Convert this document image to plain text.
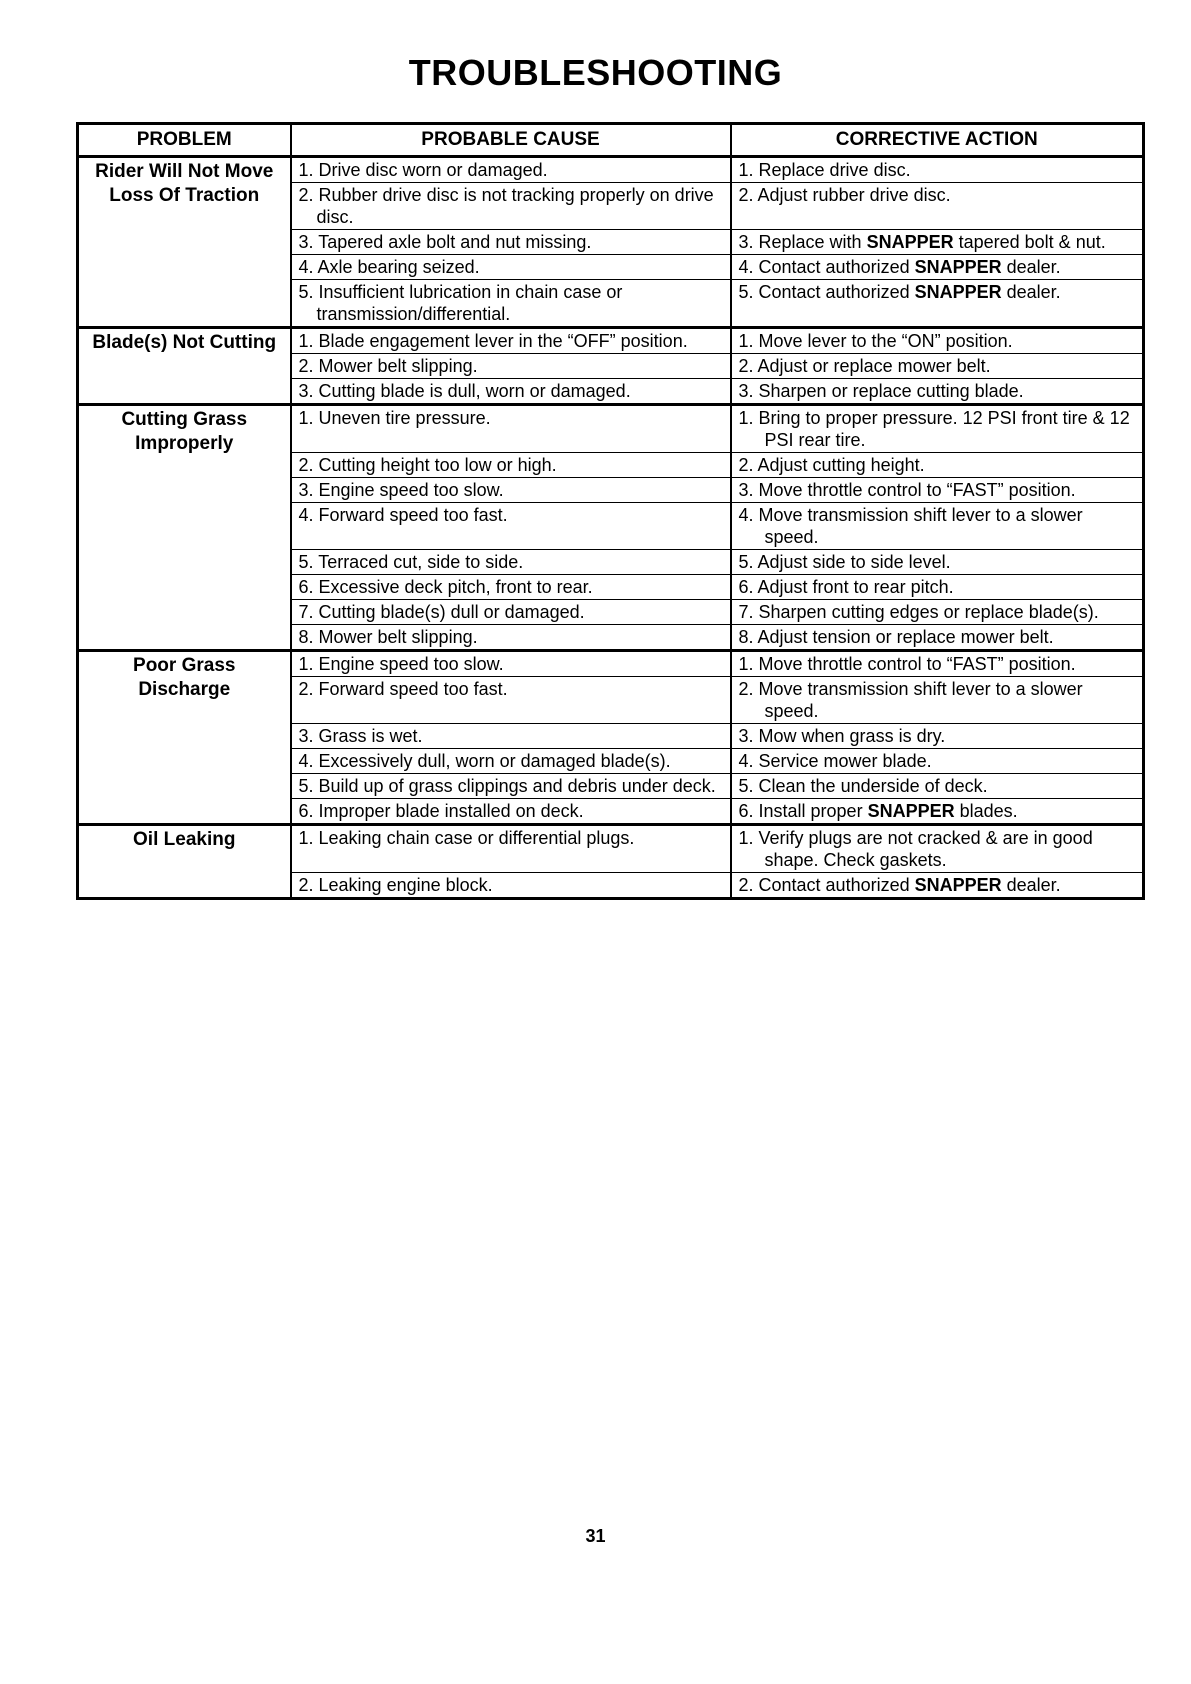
TROUBLESHOOTING
PROBLEM	PROBABLE CAUSE	CORRECTIVE ACTION

Rider Will Not Move
Loss Of Traction	1. Drive disc worn or damaged.	1. Replace drive disc.

	2. Rubber drive disc is not tracking properly on drive disc.	2. Adjust rubber drive disc.

	3. Tapered axle bolt and nut missing.	3. Replace with SNAPPER tapered bolt & nut.

	4. Axle bearing seized.	4. Contact authorized SNAPPER dealer.

	5. Insufficient lubrication in chain case or transmission/differential.	5. Contact authorized SNAPPER dealer.

Blade(s) Not Cutting	1. Blade engagement lever in the “OFF” position.	1. Move lever to the “ON” position.

	2. Mower belt slipping.	2. Adjust or replace mower belt.

	3. Cutting blade is dull, worn or damaged.	3. Sharpen or replace cutting blade.

Cutting Grass
Improperly	1. Uneven tire pressure.	1. Bring to proper pressure. 12 PSI front tire & 12 PSI rear tire.

	2. Cutting height too low or high.	2. Adjust cutting height.

	3. Engine speed too slow.	3. Move throttle control to “FAST” position.

	4. Forward speed too fast.	4. Move transmission shift lever to a slower speed.

	5. Terraced cut, side to side.	5. Adjust side to side level.

	6. Excessive deck pitch, front to rear.	6. Adjust front to rear pitch.

	7. Cutting blade(s) dull or damaged.	7. Sharpen cutting edges or replace blade(s).

	8. Mower belt slipping.	8. Adjust tension or replace mower belt.

Poor Grass
Discharge	1. Engine speed too slow.	1. Move throttle control to “FAST” position.

	2. Forward speed too fast.	2. Move transmission shift lever to a slower speed.

	3. Grass is wet.	3. Mow when grass is dry.

	4. Excessively dull, worn or damaged blade(s).	4. Service mower blade.

	5. Build up of grass clippings and debris under deck.	5. Clean the underside of deck.

	6. Improper blade installed on deck.	6. Install proper SNAPPER blades.

Oil Leaking	1. Leaking chain case or differential plugs.	1. Verify plugs are not cracked & are in good shape. Check gaskets.

	2. Leaking engine block.	2. Contact authorized SNAPPER dealer.
31
